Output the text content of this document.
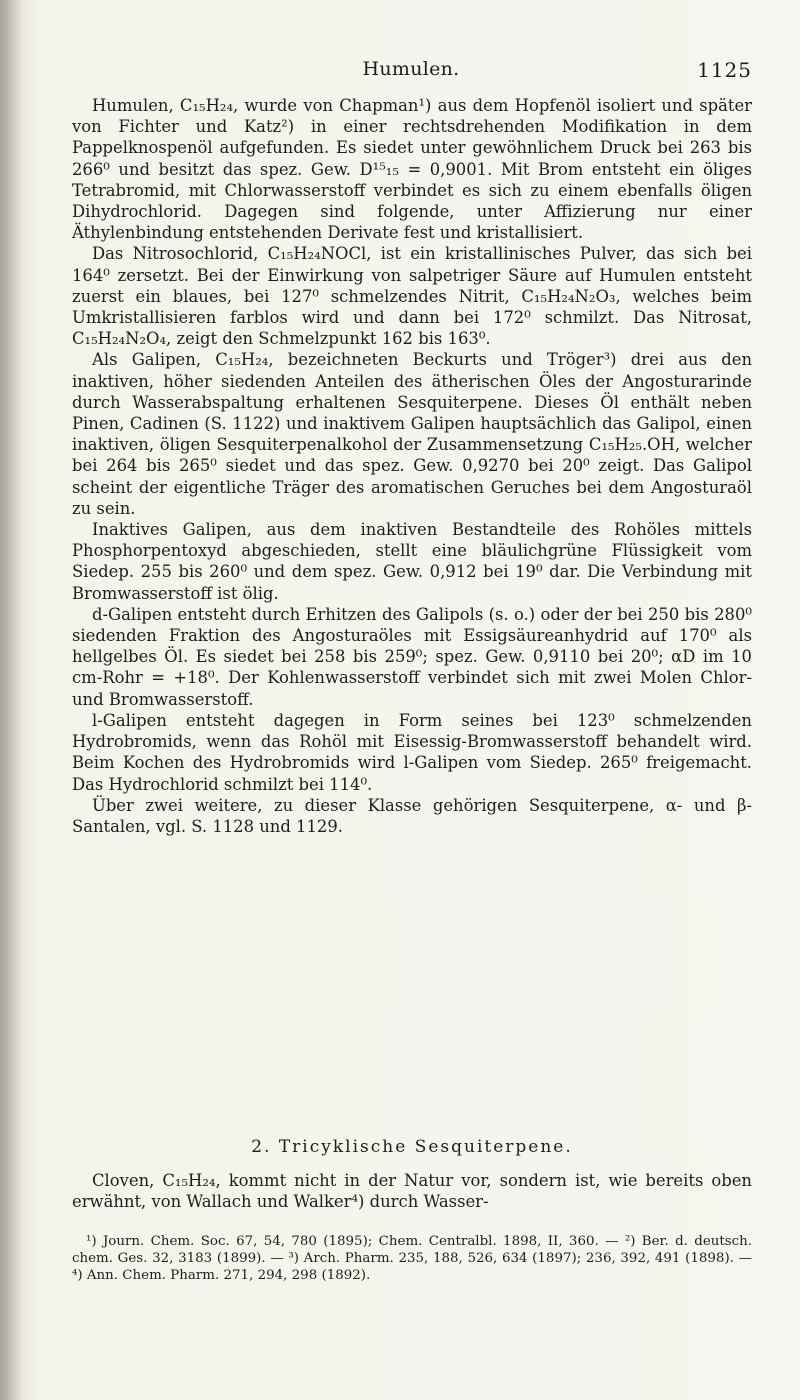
Humulen.	1125

Humulen, C₁₅H₂₄, wurde von Chapman¹) aus dem Hopfenöl isoliert und später von Fichter und Katz²) in einer rechtsdrehenden Modifikation in dem Pappelknospenöl aufgefunden. Es siedet unter gewöhnlichem Druck bei 263 bis 266⁰ und besitzt das spez. Gew. D¹⁵₁₅ = 0,9001. Mit Brom entsteht ein öliges Tetrabromid, mit Chlorwasserstoff verbindet es sich zu einem ebenfalls öligen Dihydrochlorid. Dagegen sind folgende, unter Affizierung nur einer Äthylenbindung entstehenden Derivate fest und kristallisiert.

Das Nitrosochlorid, C₁₅H₂₄NOCl, ist ein kristallinisches Pulver, das sich bei 164⁰ zersetzt. Bei der Einwirkung von salpetriger Säure auf Humulen entsteht zuerst ein blaues, bei 127⁰ schmelzendes Nitrit, C₁₅H₂₄N₂O₃, welches beim Umkristallisieren farblos wird und dann bei 172⁰ schmilzt. Das Nitrosat, C₁₅H₂₄N₂O₄, zeigt den Schmelzpunkt 162 bis 163⁰.

Als Galipen, C₁₅H₂₄, bezeichneten Beckurts und Tröger³) drei aus den inaktiven, höher siedenden Anteilen des ätherischen Öles der Angosturarinde durch Wasserabspaltung erhaltenen Sesquiterpene. Dieses Öl enthält neben Pinen, Cadinen (S. 1122) und inaktivem Galipen hauptsächlich das Galipol, einen inaktiven, öligen Sesquiterpenalkohol der Zusammensetzung C₁₅H₂₅.OH, welcher bei 264 bis 265⁰ siedet und das spez. Gew. 0,9270 bei 20⁰ zeigt. Das Galipol scheint der eigentliche Träger des aromatischen Geruches bei dem Angosturaöl zu sein.

Inaktives Galipen, aus dem inaktiven Bestandteile des Rohöles mittels Phosphorpentoxyd abgeschieden, stellt eine bläulichgrüne Flüssigkeit vom Siedep. 255 bis 260⁰ und dem spez. Gew. 0,912 bei 19⁰ dar. Die Verbindung mit Bromwasserstoff ist ölig.

d-Galipen entsteht durch Erhitzen des Galipols (s. o.) oder der bei 250 bis 280⁰ siedenden Fraktion des Angosturaöles mit Essigsäureanhydrid auf 170⁰ als hellgelbes Öl. Es siedet bei 258 bis 259⁰; spez. Gew. 0,9110 bei 20⁰; αD im 10 cm-Rohr = +18⁰. Der Kohlenwasserstoff verbindet sich mit zwei Molen Chlor- und Bromwasserstoff.

l-Galipen entsteht dagegen in Form seines bei 123⁰ schmelzenden Hydrobromids, wenn das Rohöl mit Eisessig-Bromwasserstoff behandelt wird. Beim Kochen des Hydrobromids wird l-Galipen vom Siedep. 265⁰ freigemacht. Das Hydrochlorid schmilzt bei 114⁰.

Über zwei weitere, zu dieser Klasse gehörigen Sesquiterpene, α- und β-Santalen, vgl. S. 1128 und 1129.

2. Tricyklische Sesquiterpene.

Cloven, C₁₅H₂₄, kommt nicht in der Natur vor, sondern ist, wie bereits oben erwähnt, von Wallach und Walker⁴) durch Wasser-

¹) Journ. Chem. Soc. 67, 54, 780 (1895); Chem. Centralbl. 1898, II, 360. — ²) Ber. d. deutsch. chem. Ges. 32, 3183 (1899). — ³) Arch. Pharm. 235, 188, 526, 634 (1897); 236, 392, 491 (1898). — ⁴) Ann. Chem. Pharm. 271, 294, 298 (1892).
